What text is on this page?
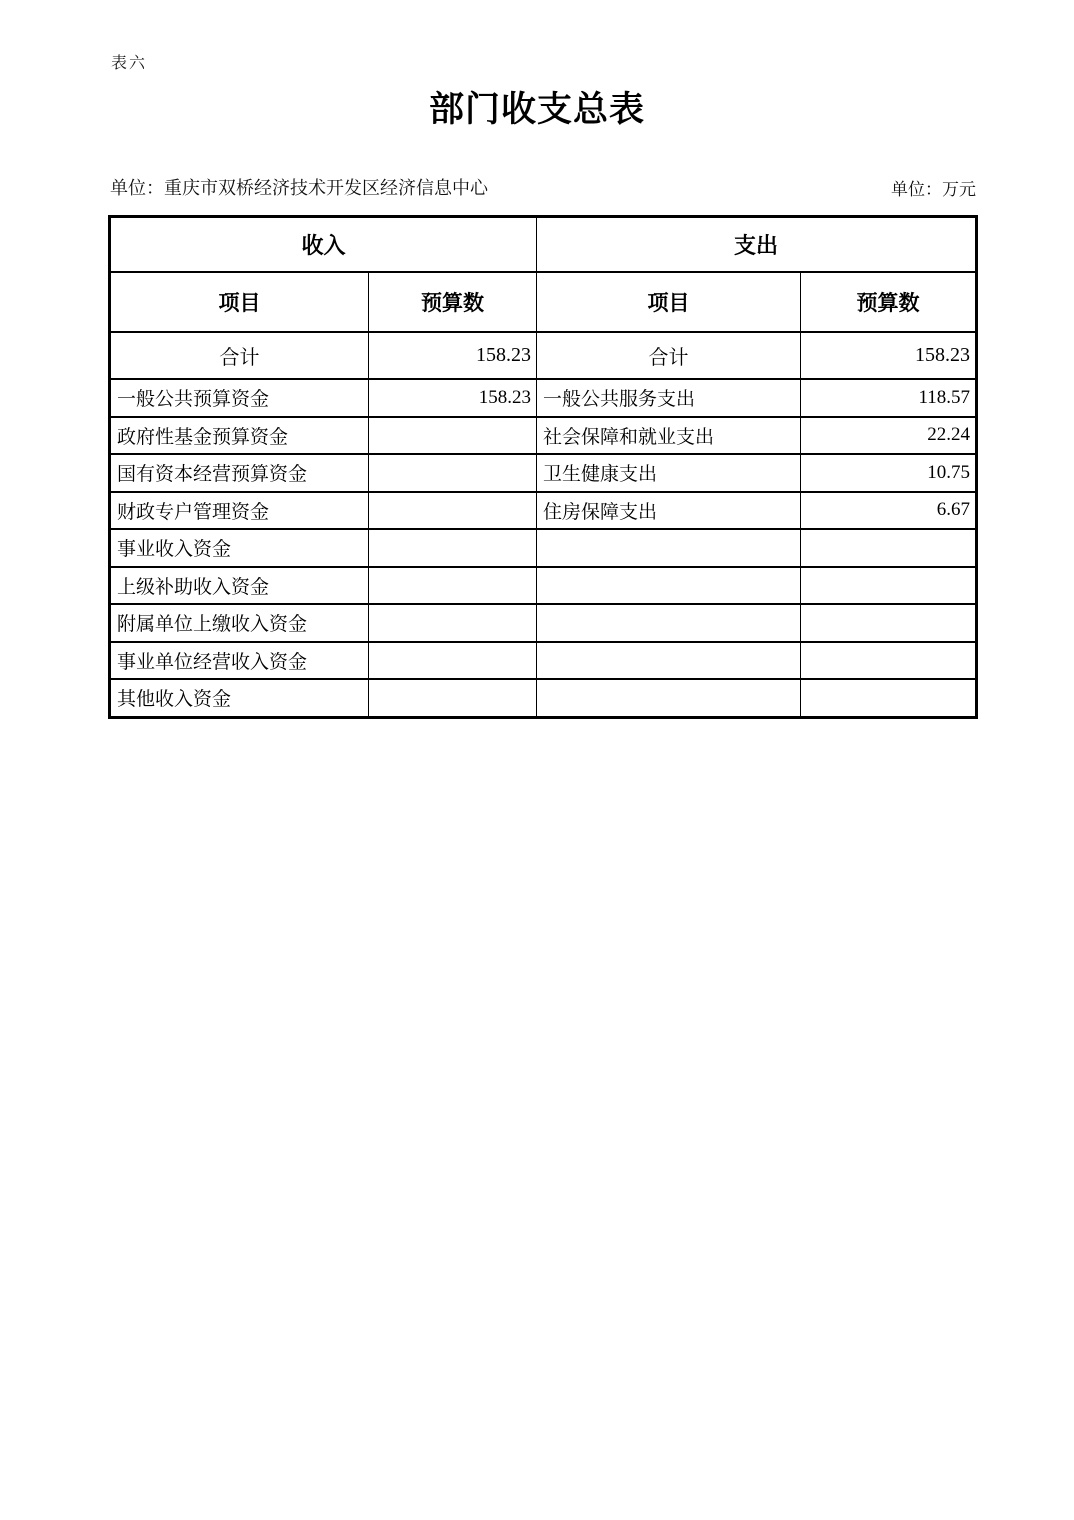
表六
部门收支总表
单位：重庆市双桥经济技术开发区经济信息中心	单位：万元
收入		支出	
项目	预算数	项目	预算数
合计	158.23	合计	158.23
一般公共预算资金	158.23	一般公共服务支出	118.57
政府性基金预算资金		社会保障和就业支出	22.24
国有资本经营预算资金		卫生健康支出	10.75
财政专户管理资金		住房保障支出	6.67
事业收入资金			
上级补助收入资金			
附属单位上缴收入资金			
事业单位经营收入资金			
其他收入资金			
